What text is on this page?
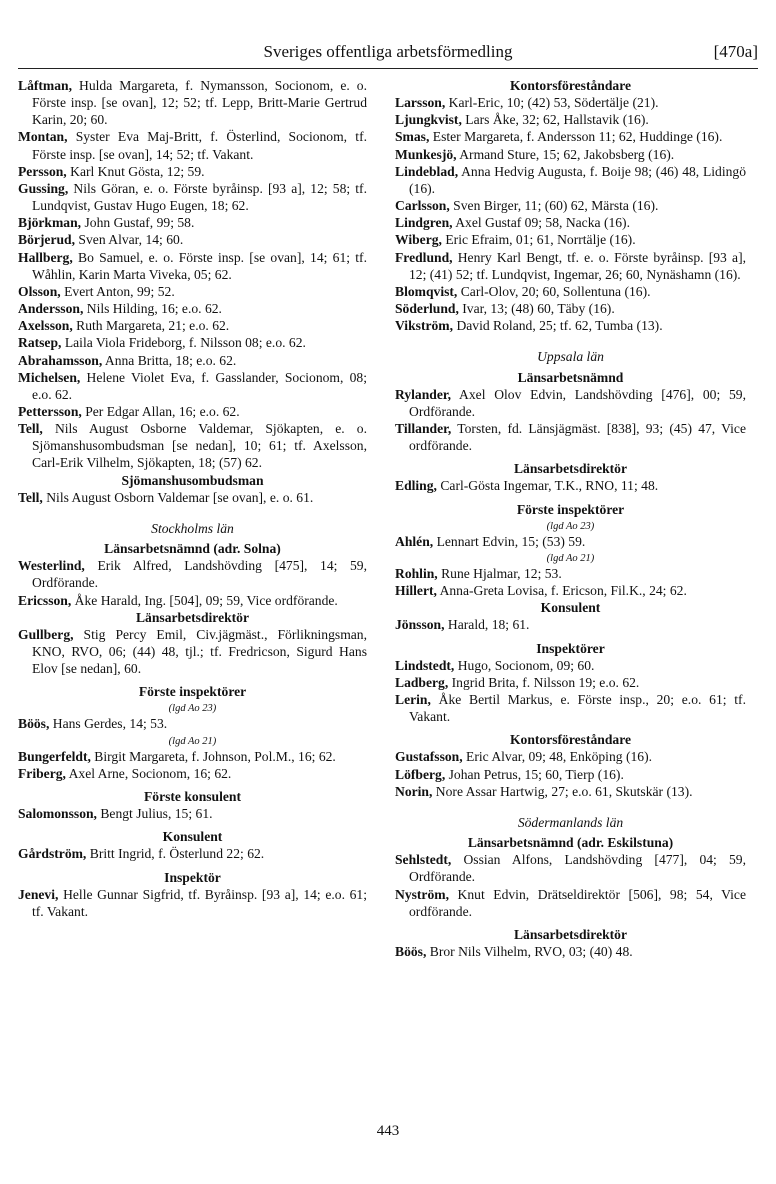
Sveriges offentliga arbetsförmedling	[470a]
Låftman, Hulda Margareta, f. Nymansson, Socionom, e. o. Förste insp. [se ovan], 12; 52; tf. Lepp, Britt-Marie Gertrud Karin, 20; 60.
Montan, Syster Eva Maj-Britt, f. Österlind, Socionom, tf. Förste insp. [se ovan], 14; 52; tf. Vakant.
Persson, Karl Knut Gösta, 12; 59.
Gussing, Nils Göran, e. o. Förste byråinsp. [93 a], 12; 58; tf. Lundqvist, Gustav Hugo Eugen, 18; 62.
Björkman, John Gustaf, 99; 58.
Börjerud, Sven Alvar, 14; 60.
Hallberg, Bo Samuel, e. o. Förste insp. [se ovan], 14; 61; tf. Wåhlin, Karin Marta Viveka, 05; 62.
Olsson, Evert Anton, 99; 52.
Andersson, Nils Hilding, 16; e.o. 62.
Axelsson, Ruth Margareta, 21; e.o. 62.
Ratsep, Laila Viola Frideborg, f. Nilsson 08; e.o. 62.
Abrahamsson, Anna Britta, 18; e.o. 62.
Michelsen, Helene Violet Eva, f. Gasslander, Socionom, 08; e.o. 62.
Pettersson, Per Edgar Allan, 16; e.o. 62.
Tell, Nils August Osborne Valdemar, Sjökapten, e. o. Sjömanshusombudsman [se nedan], 10; 61; tf. Axelsson, Carl-Erik Vilhelm, Sjökapten, 18; (57) 62.
Sjömanshusombudsman
Tell, Nils August Osborn Valdemar [se ovan], e. o. 61.
Stockholms län
Länsarbetsnämnd (adr. Solna)
Westerlind, Erik Alfred, Landshövding [475], 14; 59, Ordförande.
Ericsson, Åke Harald, Ing. [504], 09; 59, Vice ordförande.
Länsarbetsdirektör
Gullberg, Stig Percy Emil, Civ.jägmäst., Förlikningsman, KNO, RVO, 06; (44) 48, tjl.; tf. Fredricson, Sigurd Hans Elov [se nedan], 60.
Förste inspektörer
(lgd Ao 23)
Böös, Hans Gerdes, 14; 53.
(lgd Ao 21)
Bungerfeldt, Birgit Margareta, f. Johnson, Pol.M., 16; 62.
Friberg, Axel Arne, Socionom, 16; 62.
Förste konsulent
Salomonsson, Bengt Julius, 15; 61.
Konsulent
Gårdström, Britt Ingrid, f. Österlund 22; 62.
Inspektör
Jenevi, Helle Gunnar Sigfrid, tf. Byråinsp. [93 a], 14; e.o. 61; tf. Vakant.
Kontorsföreståndare
Larsson, Karl-Eric, 10; (42) 53, Södertälje (21).
Ljungkvist, Lars Åke, 32; 62, Hallstavik (16).
Smas, Ester Margareta, f. Andersson 11; 62, Huddinge (16).
Munkesjö, Armand Sture, 15; 62, Jakobsberg (16).
Lindeblad, Anna Hedvig Augusta, f. Boije 98; (46) 48, Lidingö (16).
Carlsson, Sven Birger, 11; (60) 62, Märsta (16).
Lindgren, Axel Gustaf 09; 58, Nacka (16).
Wiberg, Eric Efraim, 01; 61, Norrtälje (16).
Fredlund, Henry Karl Bengt, tf. e. o. Förste byråinsp. [93 a], 12; (41) 52; tf. Lundqvist, Ingemar, 26; 60, Nynäshamn (16).
Blomqvist, Carl-Olov, 20; 60, Sollentuna (16).
Söderlund, Ivar, 13; (48) 60, Täby (16).
Vikström, David Roland, 25; tf. 62, Tumba (13).
Uppsala län
Länsarbetsnämnd
Rylander, Axel Olov Edvin, Landshövding [476], 00; 59, Ordförande.
Tillander, Torsten, fd. Länsjägmäst. [838], 93; (45) 47, Vice ordförande.
Länsarbetsdirektör
Edling, Carl-Gösta Ingemar, T.K., RNO, 11; 48.
Förste inspektörer
(lgd Ao 23)
Ahlén, Lennart Edvin, 15; (53) 59.
(lgd Ao 21)
Rohlin, Rune Hjalmar, 12; 53.
Hillert, Anna-Greta Lovisa, f. Ericson, Fil.K., 24; 62.
Konsulent
Jönsson, Harald, 18; 61.
Inspektörer
Lindstedt, Hugo, Socionom, 09; 60.
Ladberg, Ingrid Brita, f. Nilsson 19; e.o. 62.
Lerin, Åke Bertil Markus, e. Förste insp., 20; e.o. 61; tf. Vakant.
Kontorsföreståndare
Gustafsson, Eric Alvar, 09; 48, Enköping (16).
Löfberg, Johan Petrus, 15; 60, Tierp (16).
Norin, Nore Assar Hartwig, 27; e.o. 61, Skutskär (13).
Södermanlands län
Länsarbetsnämnd (adr. Eskilstuna)
Sehlstedt, Ossian Alfons, Landshövding [477], 04; 59, Ordförande.
Nyström, Knut Edvin, Drätseldirektör [506], 98; 54, Vice ordförande.
Länsarbetsdirektör
Böös, Bror Nils Vilhelm, RVO, 03; (40) 48.
443
